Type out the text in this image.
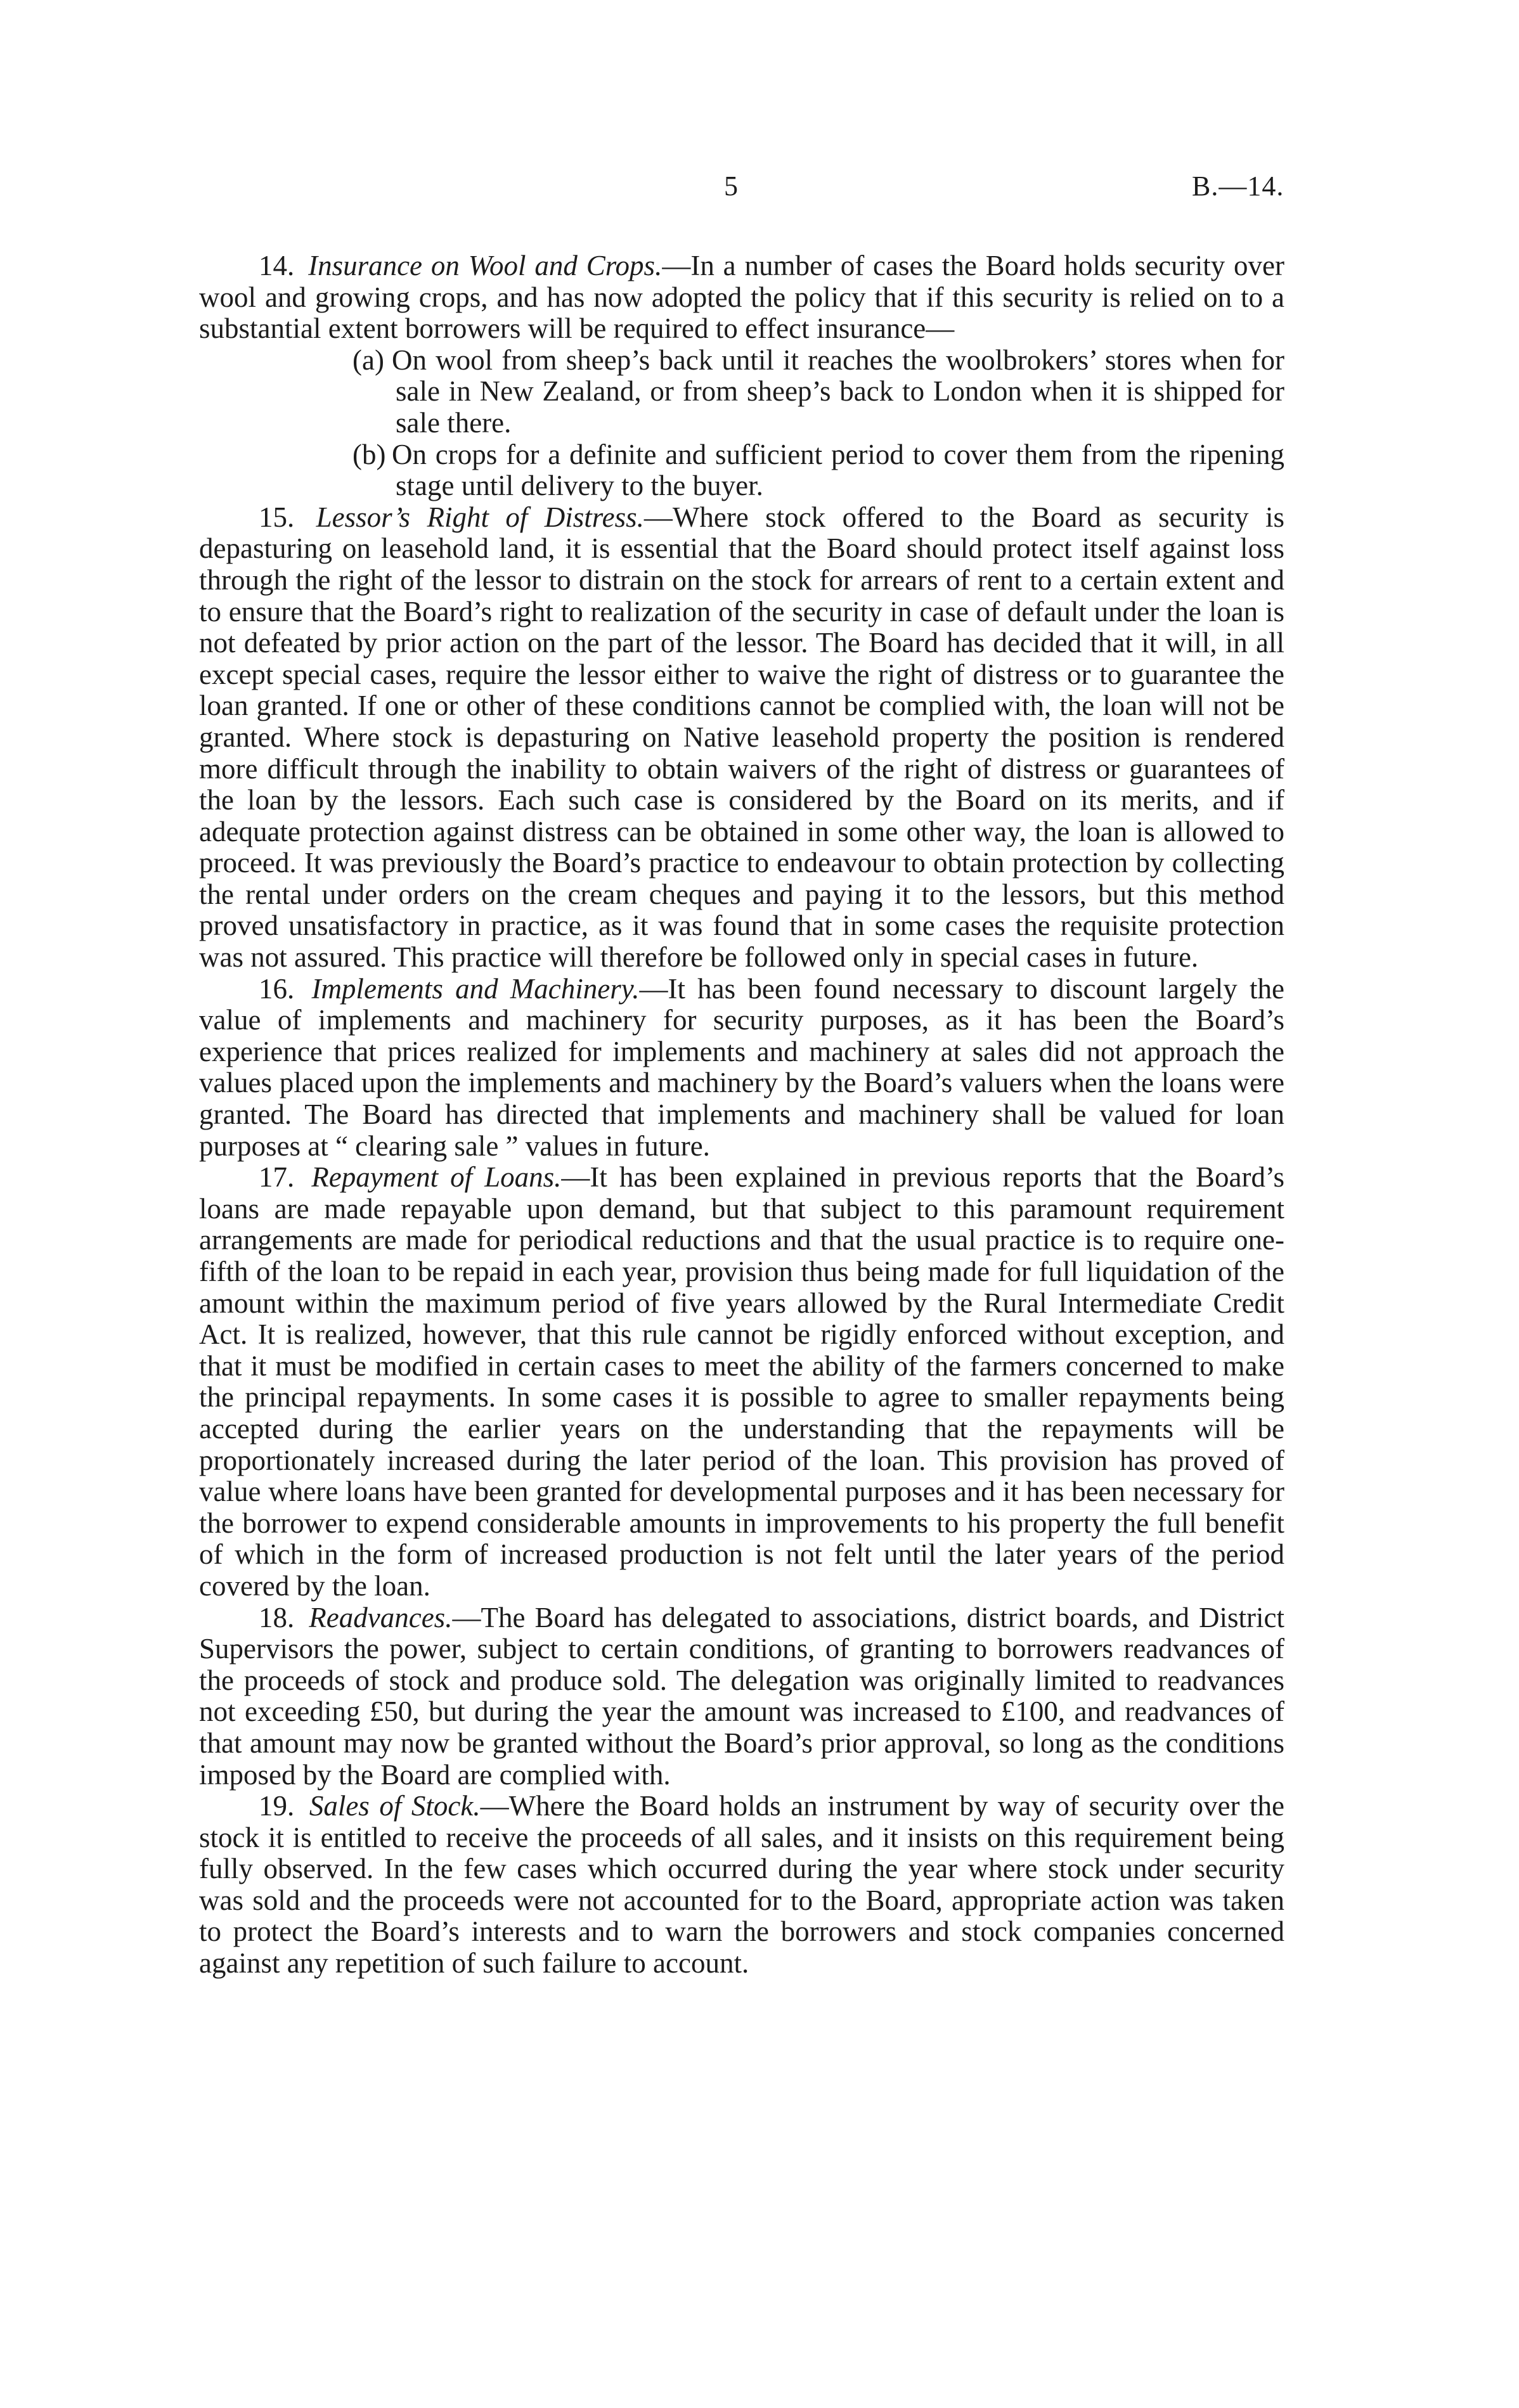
5	B.—14.

14. Insurance on Wool and Crops.—In a number of cases the Board holds security over wool and growing crops, and has now adopted the policy that if this security is relied on to a substantial extent borrowers will be required to effect insurance—

(a) On wool from sheep’s back until it reaches the woolbrokers’ stores when for sale in New Zealand, or from sheep’s back to London when it is shipped for sale there.

(b) On crops for a definite and sufficient period to cover them from the ripening stage until delivery to the buyer.

15. Lessor’s Right of Distress.—Where stock offered to the Board as security is depasturing on leasehold land, it is essential that the Board should protect itself against loss through the right of the lessor to distrain on the stock for arrears of rent to a certain extent and to ensure that the Board’s right to realization of the security in case of default under the loan is not defeated by prior action on the part of the lessor. The Board has decided that it will, in all except special cases, require the lessor either to waive the right of distress or to guarantee the loan granted. If one or other of these conditions cannot be complied with, the loan will not be granted. Where stock is depasturing on Native leasehold property the position is rendered more difficult through the inability to obtain waivers of the right of distress or guarantees of the loan by the lessors. Each such case is considered by the Board on its merits, and if adequate protection against distress can be obtained in some other way, the loan is allowed to proceed. It was previously the Board’s practice to endeavour to obtain protection by collecting the rental under orders on the cream cheques and paying it to the lessors, but this method proved unsatisfactory in practice, as it was found that in some cases the requisite protection was not assured. This practice will therefore be followed only in special cases in future.

16. Implements and Machinery.—It has been found necessary to discount largely the value of implements and machinery for security purposes, as it has been the Board’s experience that prices realized for implements and machinery at sales did not approach the values placed upon the implements and machinery by the Board’s valuers when the loans were granted. The Board has directed that implements and machinery shall be valued for loan purposes at “ clearing sale ” values in future.

17. Repayment of Loans.—It has been explained in previous reports that the Board’s loans are made repayable upon demand, but that subject to this paramount requirement arrangements are made for periodical reductions and that the usual practice is to require one-fifth of the loan to be repaid in each year, provision thus being made for full liquidation of the amount within the maximum period of five years allowed by the Rural Intermediate Credit Act. It is realized, however, that this rule cannot be rigidly enforced without exception, and that it must be modified in certain cases to meet the ability of the farmers concerned to make the principal repayments. In some cases it is possible to agree to smaller repayments being accepted during the earlier years on the understanding that the repayments will be proportionately increased during the later period of the loan. This provision has proved of value where loans have been granted for developmental purposes and it has been necessary for the borrower to expend considerable amounts in improvements to his property the full benefit of which in the form of increased production is not felt until the later years of the period covered by the loan.

18. Readvances.—The Board has delegated to associations, district boards, and District Supervisors the power, subject to certain conditions, of granting to borrowers readvances of the proceeds of stock and produce sold. The delegation was originally limited to readvances not exceeding £50, but during the year the amount was increased to £100, and readvances of that amount may now be granted without the Board’s prior approval, so long as the conditions imposed by the Board are complied with.

19. Sales of Stock.—Where the Board holds an instrument by way of security over the stock it is entitled to receive the proceeds of all sales, and it insists on this requirement being fully observed. In the few cases which occurred during the year where stock under security was sold and the proceeds were not accounted for to the Board, appropriate action was taken to protect the Board’s interests and to warn the borrowers and stock companies concerned against any repetition of such failure to account.
